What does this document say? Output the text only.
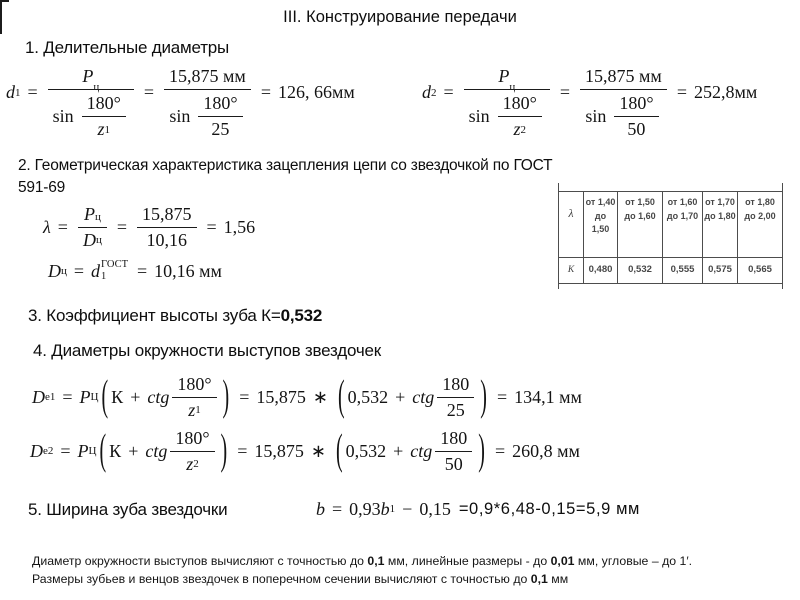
III. Конструирование передачи
1. Делительные диаметры
d 1 = P
ц
$\sin \frac{180^\circ}{z 1} = \frac{15,875 мм}{\sin \frac{180^\circ}{25}} = 126$, 66мм	d 2 = P
ц
$\sin \frac{180^\circ}{z 2} = \frac{15,875 мм}{\sin \frac{180^\circ}{50}} = 252,8мм$
2. Геометрическая характеристика зацепления цепи со звездочкой по ГОСТ
591-69
$\lambda = \frac{\text{P ц}}{\text{D ц}} = \frac{15,875}{10,16} = 1,56$
D ц = d ГОСТ
1	= 10,16 мм
λ	от 1,40 до 1,50	от 1,50 до 1,60	от 1,60 до 1,70	от 1,70 до 1,80	от 1,80 до 2,00
K	0,480	0,532	0,555	0,575	0,565
3. Коэффициент высоты зуба К=0,532
4. Диаметры окружности выступов звездочек
D e1 = P Ц ( К + ctg $\frac{180^\circ}{z 1}$ ) = 15,875 ∗ ( 0,532 + ctg $\frac{180}{25}$ ) = 134,1 мм
D e2 = P Ц ( К + ctg $\frac{180^\circ}{z 2}$ ) = 15,875 ∗ ( 0,532 + ctg $\frac{180}{50}$ ) = 260,8 мм
5. Ширина зуба звездочки	b = 0,93 b 1 − 0,15 =0,9*6,48-0,15=5,9 мм
Диаметр окружности выступов вычисляют с точностью до 0,1 мм, линейные размеры - до 0,01 мм, угловые – до 1′.
Размеры зубьев и венцов звездочек в поперечном сечении вычисляют с точностью до 0,1 мм
